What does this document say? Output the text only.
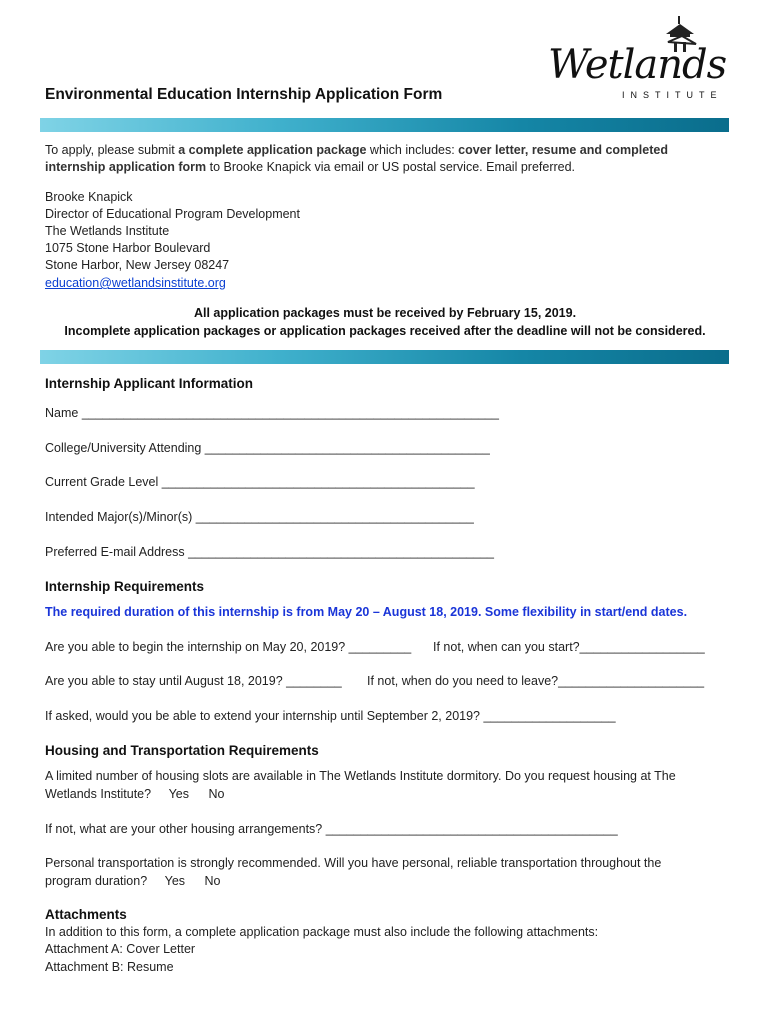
Wetlands
INSTITUTE
Environmental Education Internship Application Form
To apply, please submit a complete application package which includes: cover letter, resume and completed
internship application form to Brooke Knapick via email or US postal service. Email preferred.
Brooke Knapick
Director of Educational Program Development
The Wetlands Institute
1075 Stone Harbor Boulevard
Stone Harbor, New Jersey 08247
education@wetlandsinstitute.org
All application packages must be received by February 15, 2019.
Incomplete application packages or application packages received after the deadline will not be considered.
Internship Applicant Information
Name ____________________________________________________________
College/University Attending _________________________________________
Current Grade Level _____________________________________________
Intended Major(s)/Minor(s) ________________________________________
Preferred E-mail Address ____________________________________________
Internship Requirements
The required duration of this internship is from May 20 – August 18, 2019. Some flexibility in start/end dates.
Are you able to begin the internship on May 20, 2019? _________ If not, when can you start?__________________
Are you able to stay until August 18, 2019? ________ If not, when do you need to leave?_____________________
If asked, would you be able to extend your internship until September 2, 2019? ___________________
Housing and Transportation Requirements
A limited number of housing slots are available in The Wetlands Institute dormitory. Do you request housing at The
Wetlands Institute? Yes No
If not, what are your other housing arrangements? __________________________________________
Personal transportation is strongly recommended. Will you have personal, reliable transportation throughout the
program duration? Yes No
Attachments
In addition to this form, a complete application package must also include the following attachments:
Attachment A: Cover Letter
Attachment B: Resume
